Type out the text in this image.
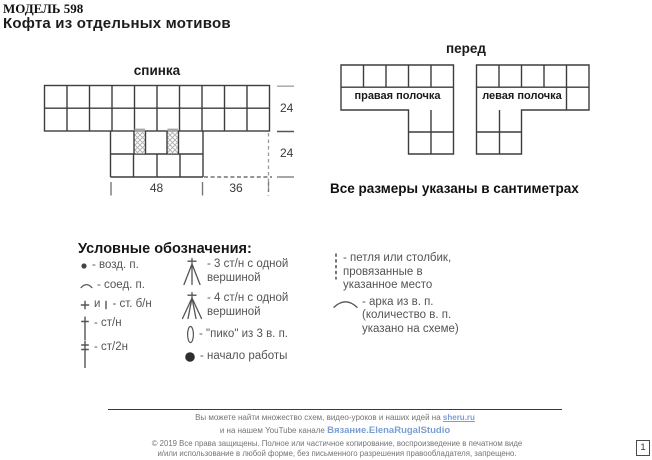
МОДЕЛЬ 598
Кофта из отдельных мотивов
спинка
перед
правая полочка	левая полочка
24
24
48	36	Все размеры указаны в сантиметрах
Условные обозначения:
- возд. п.
- соед. п.
и - ст. б/н
- ст/н
- ст/2н
- 3 ст/н с одной вершиной
- 4 ст/н с одной вершиной
- "пико" из 3 в. п.
- начало работы
- петля или столбик, провязанные в указанное место
- арка из в. п. (количество в. п. указано на схеме)
Вы можете найти множество схем, видео-уроков и наших идей на sheru.ru
и на нашем YouTube канале Вязание.ElenaRugalStudio
© 2019 Все права защищены. Полное или частичное копирование, воспроизведение в печатном виде
и/или использование в любой форме, без письменного разрешения правообладателя, запрещено.
1
